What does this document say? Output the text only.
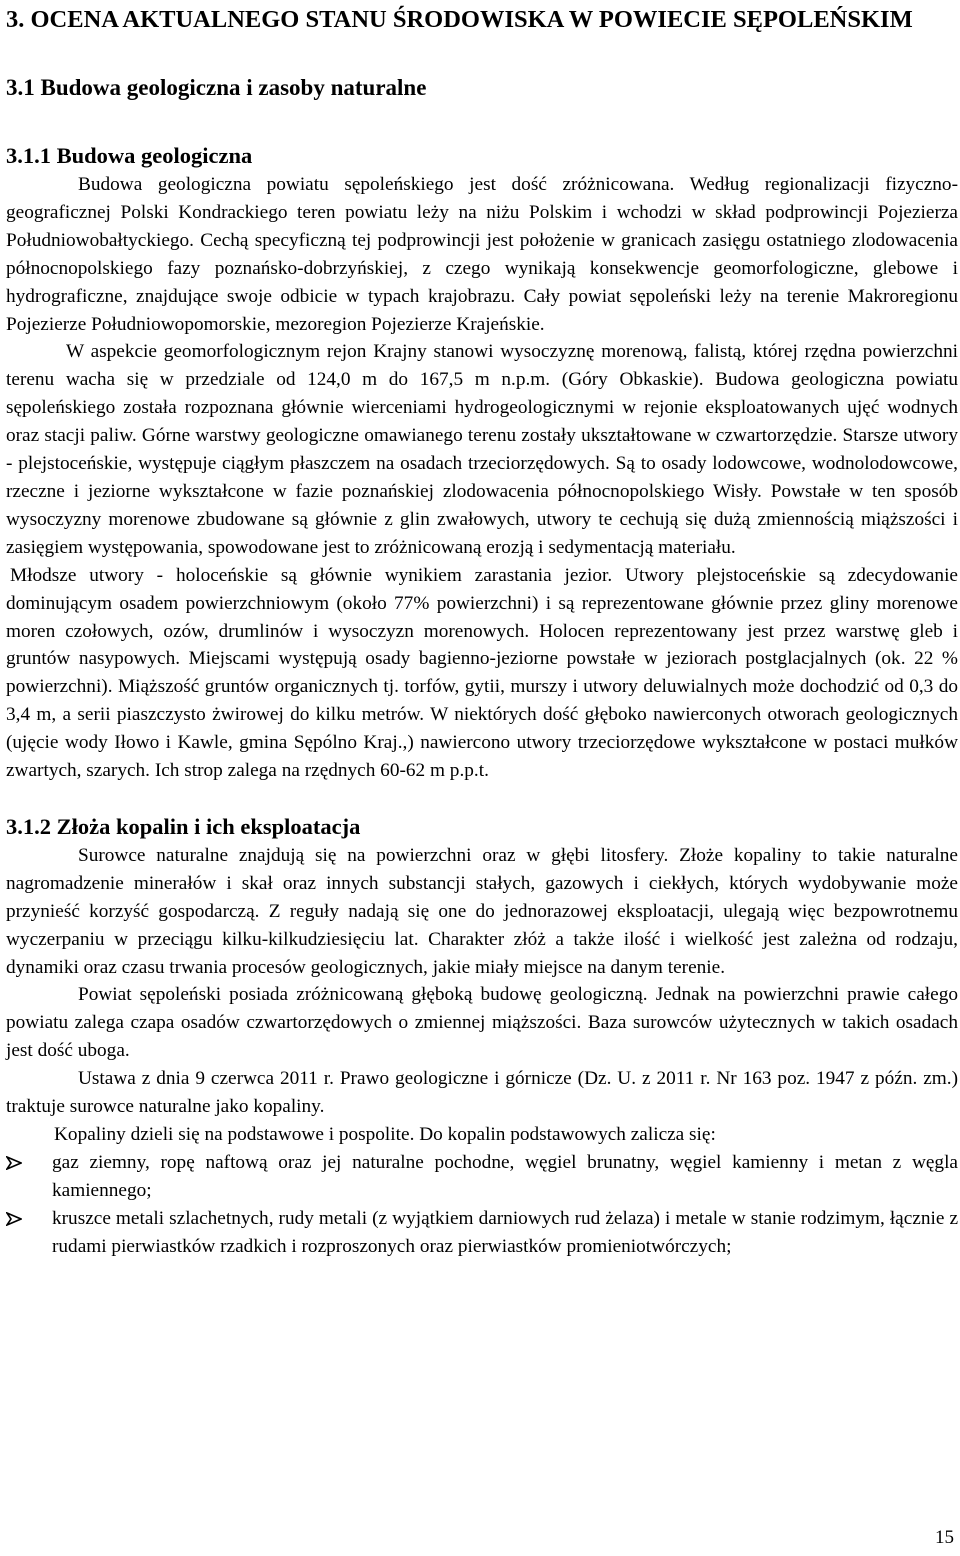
3. OCENA AKTUALNEGO STANU ŚRODOWISKA W POWIECIE SĘPOLEŃSKIM
3.1 Budowa geologiczna i zasoby naturalne
3.1.1 Budowa geologiczna

Budowa geologiczna powiatu sępoleńskiego jest dość zróżnicowana. Według regionalizacji fizyczno-geograficznej Polski Kondrackiego teren powiatu leży na niżu Polskim i wchodzi w skład podprowincji Pojezierza Południowobałtyckiego. Cechą specyficzną tej podprowincji jest położenie w granicach zasięgu ostatniego zlodowacenia północnopolskiego fazy poznańsko-dobrzyńskiej, z czego wynikają konsekwencje geomorfologiczne, glebowe i hydrograficzne, znajdujące swoje odbicie w typach krajobrazu. Cały powiat sępoleński leży na terenie Makroregionu Pojezierze Południowopomorskie, mezoregion Pojezierze Krajeńskie.

W aspekcie geomorfologicznym rejon Krajny stanowi wysoczyznę morenową, falistą, której rzędna powierzchni terenu wacha się w przedziale od 124,0 m do 167,5 m n.p.m. (Góry Obkaskie). Budowa geologiczna powiatu sępoleńskiego została rozpoznana głównie wierceniami hydrogeologicznymi w rejonie eksploatowanych ujęć wodnych oraz stacji paliw. Górne warstwy geologiczne omawianego terenu zostały ukształtowane w czwartorzędzie. Starsze utwory - plejstoceńskie, występuje ciągłym płaszczem na osadach trzeciorzędowych. Są to osady lodowcowe, wodnolodowcowe, rzeczne i jeziorne wykształcone w fazie poznańskiej zlodowacenia północnopolskiego Wisły. Powstałe w ten sposób wysoczyzny morenowe zbudowane są głównie z glin zwałowych, utwory te cechują się dużą zmiennością miąższości i zasięgiem występowania, spowodowane jest to zróżnicowaną erozją i sedymentacją materiału.

Młodsze utwory - holoceńskie są głównie wynikiem zarastania jezior. Utwory plejstoceńskie są zdecydowanie dominującym osadem powierzchniowym (około 77% powierzchni) i są reprezentowane głównie przez gliny morenowe moren czołowych, ozów, drumlinów i wysoczyzn morenowych. Holocen reprezentowany jest przez warstwę gleb i gruntów nasypowych. Miejscami występują osady bagienno-jeziorne powstałe w jeziorach postglacjalnych (ok. 22 % powierzchni). Miąższość gruntów organicznych tj. torfów, gytii, murszy i utwory deluwialnych może dochodzić od 0,3 do 3,4 m, a serii piaszczysto żwirowej do kilku metrów. W niektórych dość głęboko nawierconych otworach geologicznych (ujęcie wody Iłowo i Kawle, gmina Sępólno Kraj.,) nawiercono utwory trzeciorzędowe wykształcone w postaci mułków zwartych, szarych. Ich strop zalega na rzędnych 60-62 m p.p.t.

3.1.2 Złoża kopalin i ich eksploatacja

Surowce naturalne znajdują się na powierzchni oraz w głębi litosfery. Złoże kopaliny to takie naturalne nagromadzenie minerałów i skał oraz innych substancji stałych, gazowych i ciekłych, których wydobywanie może przynieść korzyść gospodarczą. Z reguły nadają się one do jednorazowej eksploatacji, ulegają więc bezpowrotnemu wyczerpaniu w przeciągu kilku-kilkudziesięciu lat. Charakter złóż a także ilość i wielkość jest zależna od rodzaju, dynamiki oraz czasu trwania procesów geologicznych, jakie miały miejsce na danym terenie.

Powiat sępoleński posiada zróżnicowaną głęboką budowę geologiczną. Jednak na powierzchni prawie całego powiatu zalega czapa osadów czwartorzędowych o zmiennej miąższości. Baza surowców użytecznych w takich osadach jest dość uboga.

Ustawa z dnia 9 czerwca 2011 r. Prawo geologiczne i górnicze (Dz. U. z 2011 r. Nr 163 poz. 1947 z późn. zm.) traktuje surowce naturalne jako kopaliny.

Kopaliny dzieli się na podstawowe i pospolite. Do kopalin podstawowych zalicza się:

gaz ziemny, ropę naftową oraz jej naturalne pochodne, węgiel brunatny, węgiel kamienny i metan z węgla kamiennego;
kruszce metali szlachetnych, rudy metali (z wyjątkiem darniowych rud żelaza) i metale w stanie rodzimym, łącznie z rudami pierwiastków rzadkich i rozproszonych oraz pierwiastków promieniotwórczych;
15
